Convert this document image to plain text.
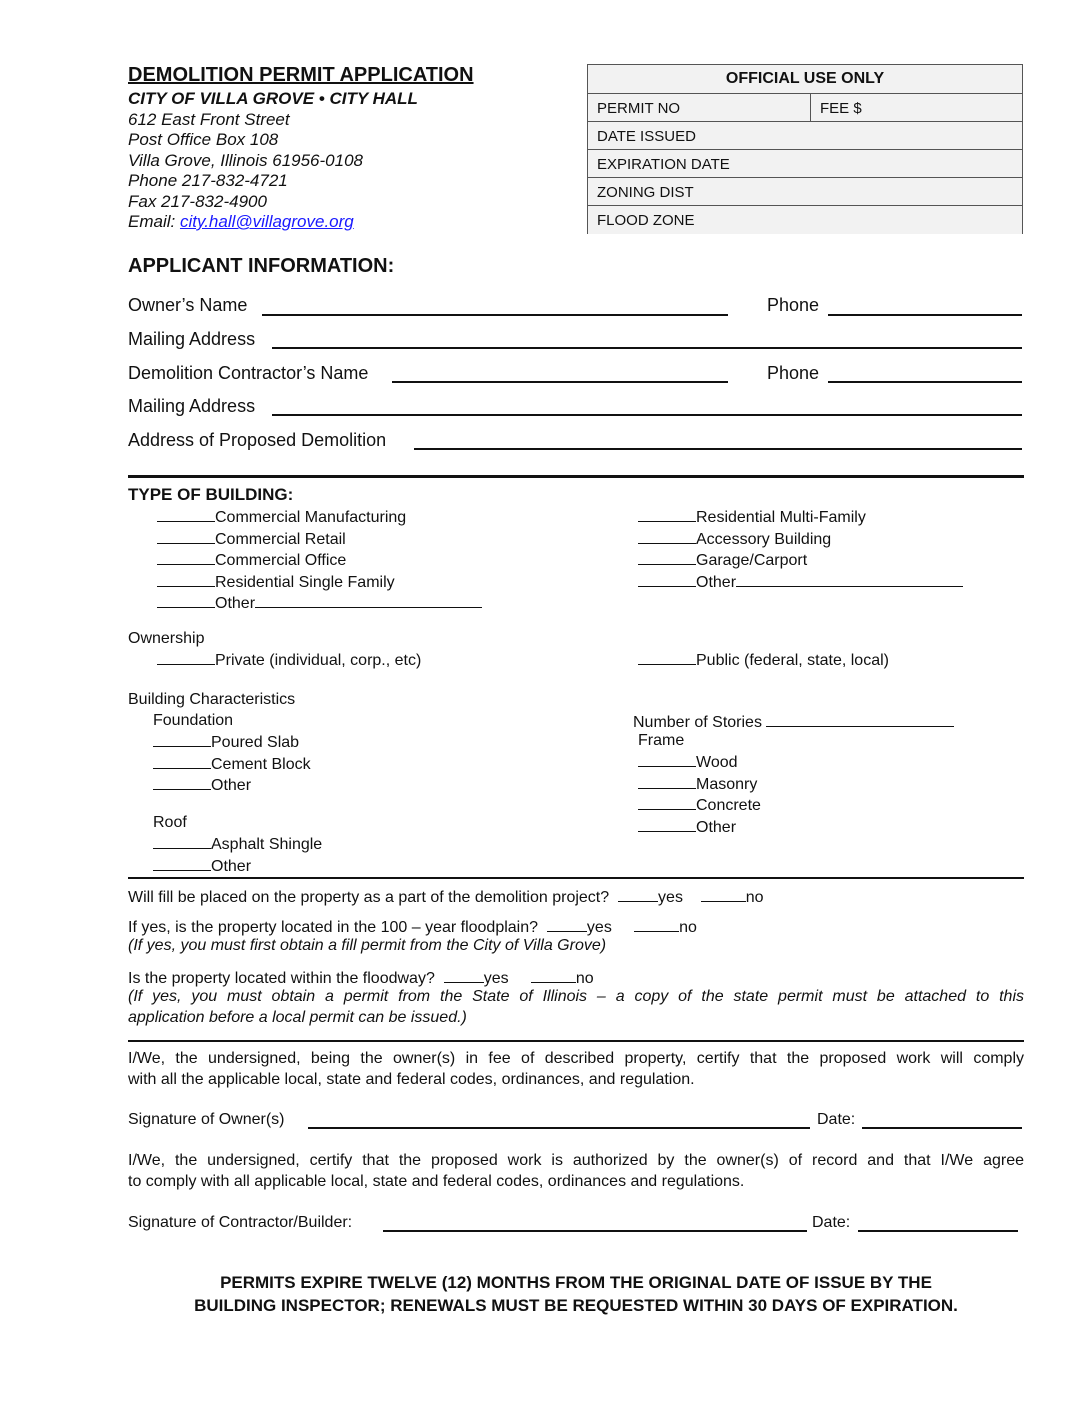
DEMOLITION PERMIT APPLICATION
CITY OF VILLA GROVE • CITY HALL
612 East Front Street
Post Office Box 108
Villa Grove, Illinois 61956-0108
Phone 217-832-4721
Fax 217-832-4900
Email: city.hall@villagrove.org
OFFICIAL USE ONLY
PERMIT NO	FEE $
DATE ISSUED
EXPIRATION DATE
ZONING DIST
FLOOD ZONE
APPLICANT INFORMATION:
Owner’s Name	Phone
Mailing Address
Demolition Contractor’s Name	Phone
Mailing Address
Address of Proposed Demolition
TYPE OF BUILDING:
Commercial Manufacturing
Commercial Retail
Commercial Office
Residential Single Family
Other
Residential Multi-Family
Accessory Building
Garage/Carport
Other
Ownership
Private (individual, corp., etc)	Public (federal, state, local)
Building Characteristics
Foundation
Poured Slab
Cement Block
Other
Roof
Asphalt Shingle
Other
Number of Stories
Frame
Wood
Masonry
Concrete
Other
Will fill be placed on the property as a part of the demolition project?	yes	no
If yes, is the property located in the 100 – year floodplain?	yes	no
(If yes, you must first obtain a fill permit from the City of Villa Grove)
Is the property located within the floodway?	yes	no
(If yes, you must obtain a permit from the State of Illinois – a copy of the state permit must be attached to this
application before a local permit can be issued.)
I/We, the undersigned, being the owner(s) in fee of described property, certify that the proposed work will comply
with all the applicable local, state and federal codes, ordinances, and regulation.
Signature of Owner(s)	Date:
I/We, the undersigned, certify that the proposed work is authorized by the owner(s) of record and that I/We agree
to comply with all applicable local, state and federal codes, ordinances and regulations.
Signature of Contractor/Builder:	Date:
PERMITS EXPIRE TWELVE (12) MONTHS FROM THE ORIGINAL DATE OF ISSUE BY THE
BUILDING INSPECTOR; RENEWALS MUST BE REQUESTED WITHIN 30 DAYS OF EXPIRATION.
